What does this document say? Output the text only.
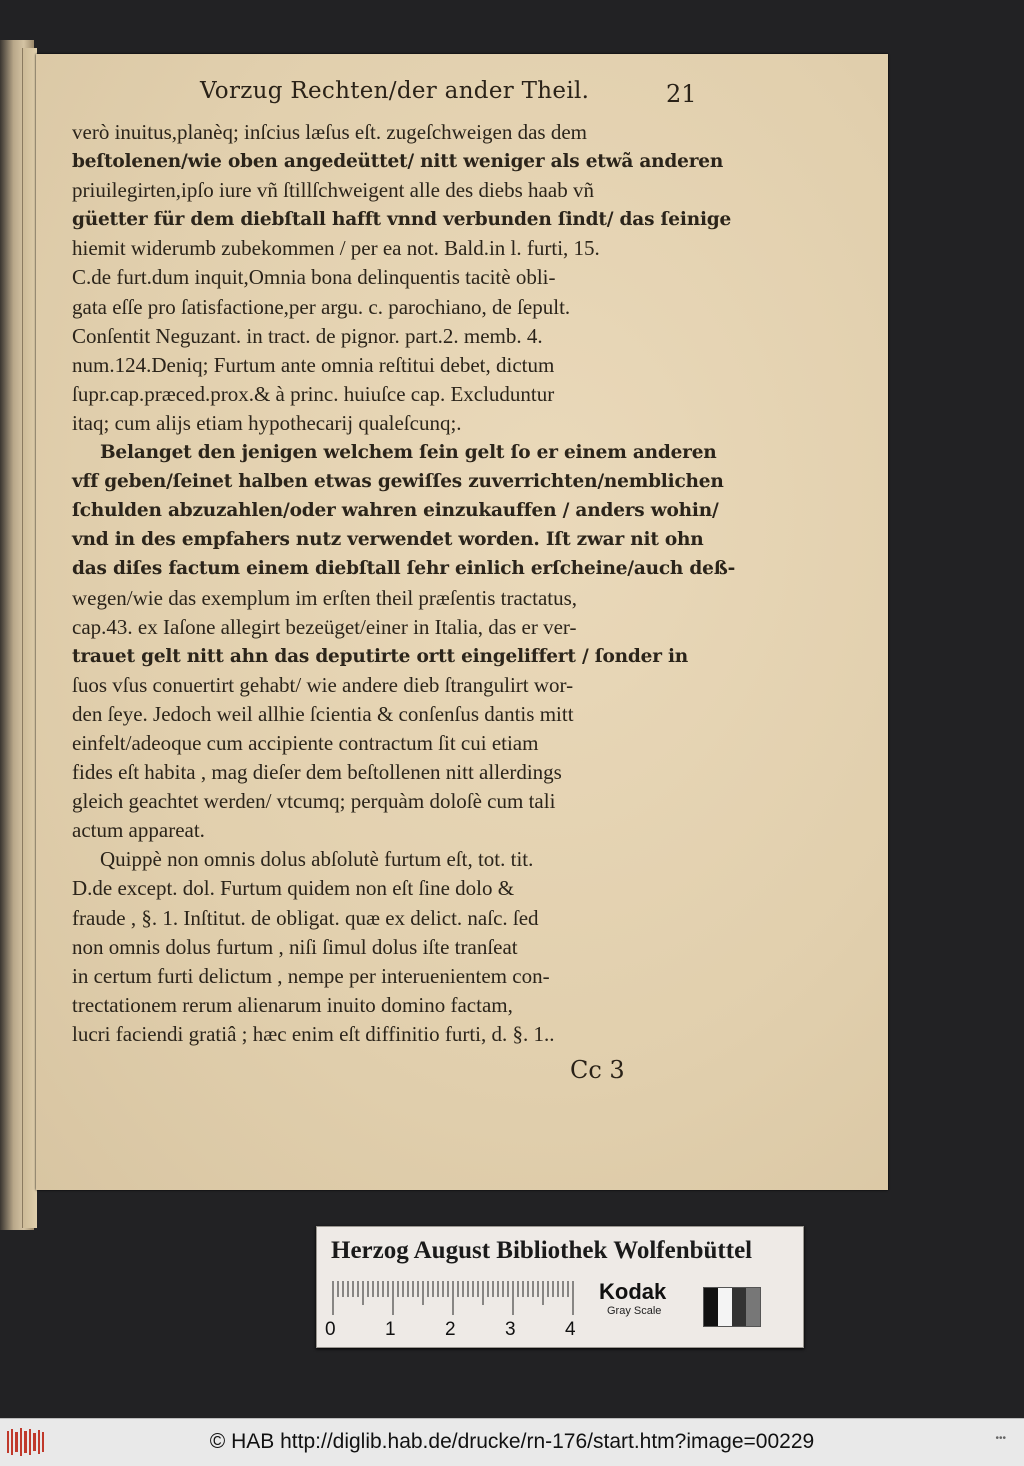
Vorzug Rechten/der ander Theil.	21
verò inuitus,planèq; inſcius læſus eſt. zugeſchweigen das dem
beſtolenen/wie oben angedeüttet/ nitt weniger als etwã anderen
priuilegirten,ipſo iure vñ ſtillſchweigent alle des diebs haab vñ
güetter für dem diebſtall hafft vnnd verbunden ſindt/ das ſeinige
hiemit widerumb zubekommen / per ea not. Bald.in l. furti, 15.
C.de furt.dum inquit,Omnia bona delinquentis tacitè obli-
gata eſſe pro ſatisfactione,per argu. c. parochiano, de ſepult.
Conſentit Neguzant. in tract. de pignor. part.2. memb. 4.
num.124.Deniq; Furtum ante omnia reſtitui debet, dictum
ſupr.cap.præced.prox.& à princ. huiuſce cap. Excluduntur
itaq; cum alijs etiam hypothecarij qualeſcunq;.
Belanget den jenigen welchem ſein gelt ſo er einem anderen
vff geben/ſeinet halben etwas gewiſſes zuverrichten/nemblichen
ſchulden abzuzahlen/oder wahren einzukauffen / anders wohin/
vnd in des empfahers nutz verwendet worden. Iſt zwar nit ohn
das diſes factum einem diebſtall ſehr einlich erſcheine/auch deß-
wegen/wie das exemplum im erſten theil præſentis tractatus,
cap.43. ex Iaſone allegirt bezeüget/einer in Italia, das er ver-
trauet gelt nitt ahn das deputirte ortt eingeliffert / ſonder in
ſuos vſus conuertirt gehabt/ wie andere dieb ſtrangulirt wor-
den ſeye. Jedoch weil allhie ſcientia & conſenſus dantis mitt
einfelt/adeoque cum accipiente contractum ſit cui etiam
fides eſt habita , mag dieſer dem beſtollenen nitt allerdings
gleich geachtet werden/ vtcumq; perquàm doloſè cum tali
actum appareat.
Quippè non omnis dolus abſolutè furtum eſt, tot. tit.
D.de except. dol. Furtum quidem non eſt ſine dolo &
fraude , §. 1. Inſtitut. de obligat. quæ ex delict. naſc. ſed
non omnis dolus furtum , niſi ſimul dolus iſte tranſeat
in certum furti delictum , nempe per interuenientem con-
trectationem rerum alienarum inuito domino factam,
lucri faciendi gratiâ ; hæc enim eſt diffinitio furti, d. §. 1..
Cc 3
Herzog August Bibliothek Wolfenbüttel
0	1	2	3	4
Kodak
Gray Scale
© HAB http://diglib.hab.de/drucke/rn-176/start.htm?image=00229	•••
